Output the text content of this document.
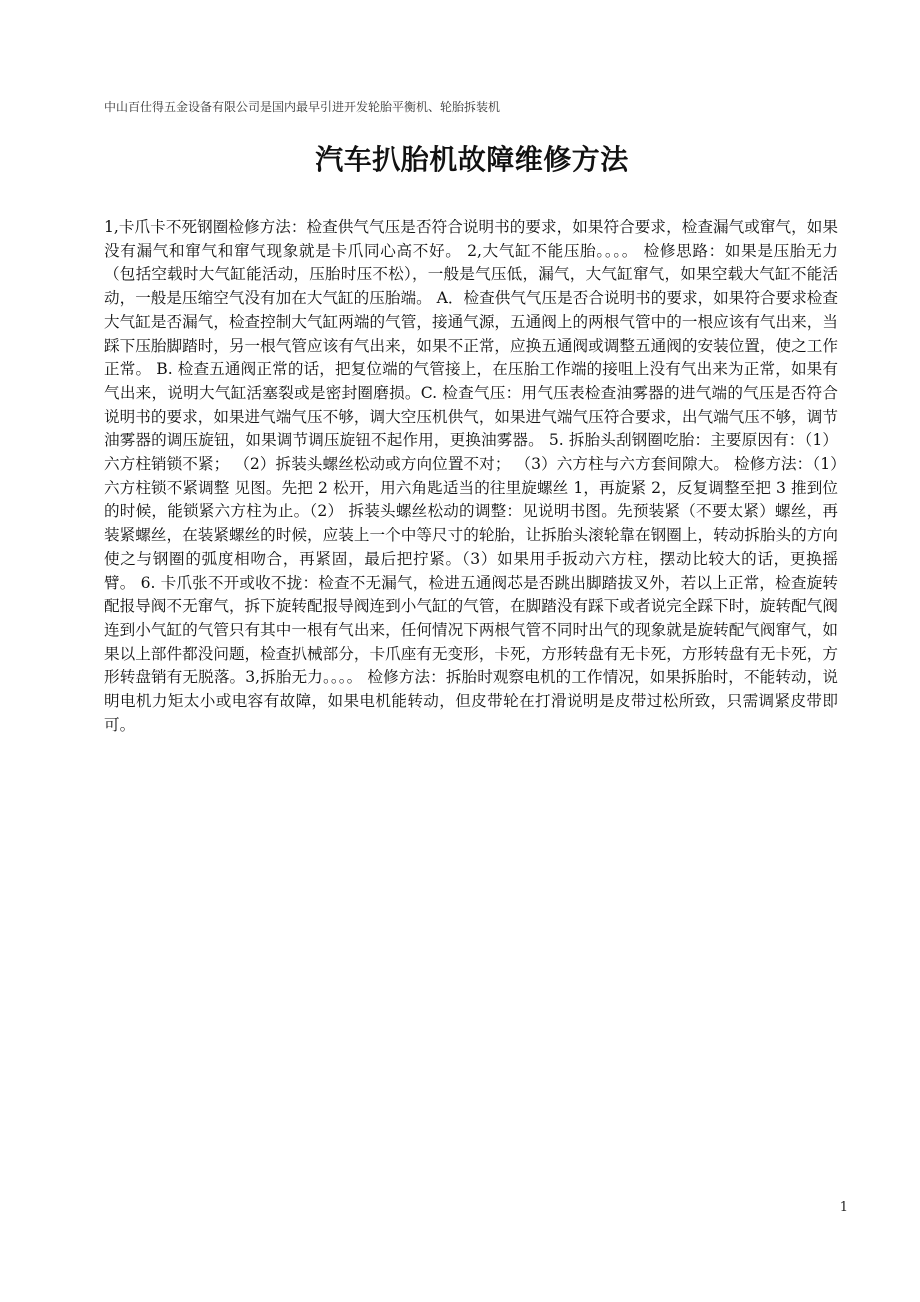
中山百仕得五金设备有限公司是国内最早引进开发轮胎平衡机、轮胎拆装机
汽车扒胎机故障维修方法
1,卡爪卡不死钢圈检修方法：检查供气气压是否符合说明书的要求，如果符合要求，检查漏气或窜气，如果没有漏气和窜气和窜气现象就是卡爪同心高不好。 2,大气缸不能压胎。。。。 检修思路：如果是压胎无力（包括空载时大气缸能活动，压胎时压不松），一般是气压低，漏气，大气缸窜气，如果空载大气缸不能活动，一般是压缩空气没有加在大气缸的压胎端。 A．检查供气气压是否合说明书的要求，如果符合要求检查大气缸是否漏气，检查控制大气缸两端的气管，接通气源，五通阀上的两根气管中的一根应该有气出来，当踩下压胎脚踏时，另一根气管应该有气出来，如果不正常，应换五通阀或调整五通阀的安装位置，使之工作正常。 B. 检查五通阀正常的话，把复位端的气管接上，在压胎工作端的接咀上没有气出来为正常，如果有气出来，说明大气缸活塞裂或是密封圈磨损。C. 检查气压：用气压表检查油雾器的进气端的气压是否符合说明书的要求，如果进气端气压不够，调大空压机供气，如果进气端气压符合要求，出气端气压不够，调节油雾器的调压旋钮，如果调节调压旋钮不起作用，更换油雾器。 5. 拆胎头刮钢圈吃胎：主要原因有：（1）六方柱销锁不紧； （2）拆装头螺丝松动或方向位置不对； （3）六方柱与六方套间隙大。 检修方法：（1）六方柱锁不紧调整 见图。先把 2 松开，用六角匙适当的往里旋螺丝 1，再旋紧 2，反复调整至把 3 推到位的时候，能锁紧六方柱为止。（2） 拆装头螺丝松动的调整：见说明书图。先预装紧（不要太紧）螺丝，再装紧螺丝，在装紧螺丝的时候，应装上一个中等尺寸的轮胎，让拆胎头滚轮靠在钢圈上，转动拆胎头的方向使之与钢圈的弧度相吻合，再紧固，最后把拧紧。（3）如果用手扳动六方柱，摆动比较大的话，更换摇臂。 6. 卡爪张不开或收不拢：检查不无漏气，检进五通阀芯是否跳出脚踏拔叉外，若以上正常，检查旋转配报导阀不无窜气，拆下旋转配报导阀连到小气缸的气管，在脚踏没有踩下或者说完全踩下时，旋转配气阀连到小气缸的气管只有其中一根有气出来，任何情况下两根气管不同时出气的现象就是旋转配气阀窜气，如果以上部件都没问题，检查扒械部分，卡爪座有无变形，卡死，方形转盘有无卡死，方形转盘有无卡死，方形转盘销有无脱落。3,拆胎无力。。。。 检修方法：拆胎时观察电机的工作情况，如果拆胎时，不能转动，说明电机力矩太小或电容有故障，如果电机能转动，但皮带轮在打滑说明是皮带过松所致，只需调紧皮带即可。
1
